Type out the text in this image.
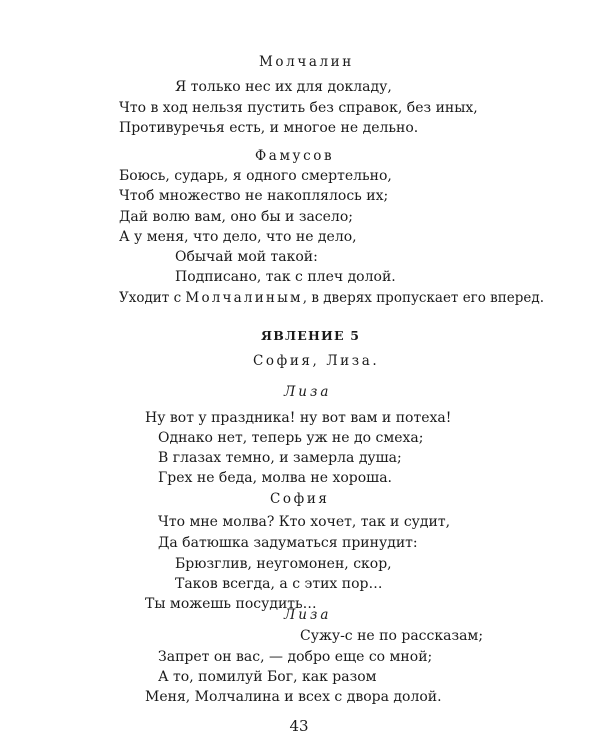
Молчалин
Я только нес их для докладу,
Что в ход нельзя пустить без справок, без иных,
Противуречья есть, и многое не дельно.
Фамусов
Боюсь, сударь, я одного смертельно,
Чтоб множество не накоплялось их;
Дай волю вам, оно бы и засело;
А у меня, что дело, что не дело,
Обычай мой такой:
Подписано, так с плеч долой.
Уходит с Молчалиным, в дверях пропускает его вперед.
ЯВЛЕНИЕ 5
София, Лиза.
Лиза
Ну вот у праздника! ну вот вам и потеха!
Однако нет, теперь уж не до смеха;
В глазах темно, и замерла душа;
Грех не беда, молва не хороша.
София
Что мне молва? Кто хочет, так и судит,
Да батюшка задуматься принудит:
Брюзглив, неугомонен, скор,
Таков всегда, а с этих пор…
Ты можешь посудить…
Лиза
Сужу-с не по рассказам;
Запрет он вас, — добро еще со мной;
А то, помилуй Бог, как разом
Меня, Молчалина и всех с двора долой.
43
